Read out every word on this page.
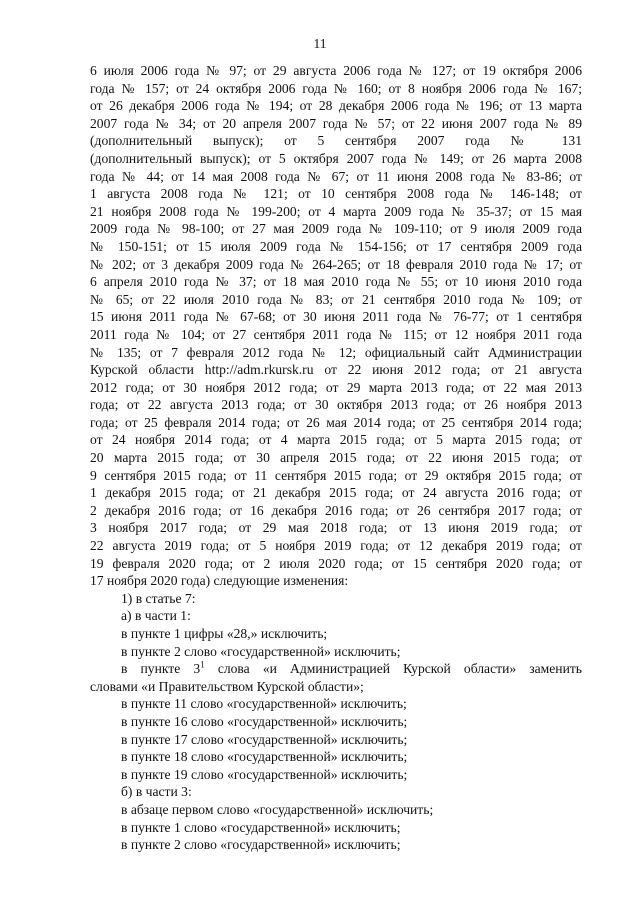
11
6 июля 2006 года № 97; от 29 августа 2006 года № 127; от 19 октября 2006
года № 157; от 24 октября 2006 года № 160; от 8 ноября 2006 года № 167;
от 26 декабря 2006 года № 194; от 28 декабря 2006 года № 196; от 13 марта
2007 года № 34; от 20 апреля 2007 года № 57; от 22 июня 2007 года № 89
(дополнительный выпуск); от 5 сентября 2007 года № 131
(дополнительный выпуск); от 5 октября 2007 года № 149; от 26 марта 2008
года № 44; от 14 мая 2008 года № 67; от 11 июня 2008 года № 83-86; от
1 августа 2008 года № 121; от 10 сентября 2008 года № 146-148; от
21 ноября 2008 года № 199-200; от 4 марта 2009 года № 35-37; от 15 мая
2009 года № 98-100; от 27 мая 2009 года № 109-110; от 9 июля 2009 года
№ 150-151; от 15 июля 2009 года № 154-156; от 17 сентября 2009 года
№ 202; от 3 декабря 2009 года № 264-265; от 18 февраля 2010 года № 17; от
6 апреля 2010 года № 37; от 18 мая 2010 года № 55; от 10 июня 2010 года
№ 65; от 22 июля 2010 года № 83; от 21 сентября 2010 года № 109; от
15 июня 2011 года № 67-68; от 30 июня 2011 года № 76-77; от 1 сентября
2011 года № 104; от 27 сентября 2011 года № 115; от 12 ноября 2011 года
№ 135; от 7 февраля 2012 года № 12; официальный сайт Администрации
Курской области http://adm.rkursk.ru от 22 июня 2012 года; от 21 августа
2012 года; от 30 ноября 2012 года; от 29 марта 2013 года; от 22 мая 2013
года; от 22 августа 2013 года; от 30 октября 2013 года; от 26 ноября 2013
года; от 25 февраля 2014 года; от 26 мая 2014 года; от 25 сентября 2014 года;
от 24 ноября 2014 года; от 4 марта 2015 года; от 5 марта 2015 года; от
20 марта 2015 года; от 30 апреля 2015 года; от 22 июня 2015 года; от
9 сентября 2015 года; от 11 сентября 2015 года; от 29 октября 2015 года; от
1 декабря 2015 года; от 21 декабря 2015 года; от 24 августа 2016 года; от
2 декабря 2016 года; от 16 декабря 2016 года; от 26 сентября 2017 года; от
3 ноября 2017 года; от 29 мая 2018 года; от 13 июня 2019 года; от
22 августа 2019 года; от 5 ноября 2019 года; от 12 декабря 2019 года; от
19 февраля 2020 года; от 2 июля 2020 года; от 15 сентября 2020 года; от
17 ноября 2020 года) следующие изменения:
1) в статье 7:
а) в части 1:
в пункте 1 цифры «28,» исключить;
в пункте 2 слово «государственной» исключить;
в пункте $3^1$ слова «и Администрацией Курской области» заменить
словами «и Правительством Курской области»;
в пункте 11 слово «государственной» исключить;
в пункте 16 слово «государственной» исключить;
в пункте 17 слово «государственной» исключить;
в пункте 18 слово «государственной» исключить;
в пункте 19 слово «государственной» исключить;
б) в части 3:
в абзаце первом слово «государственной» исключить;
в пункте 1 слово «государственной» исключить;
в пункте 2 слово «государственной» исключить;
